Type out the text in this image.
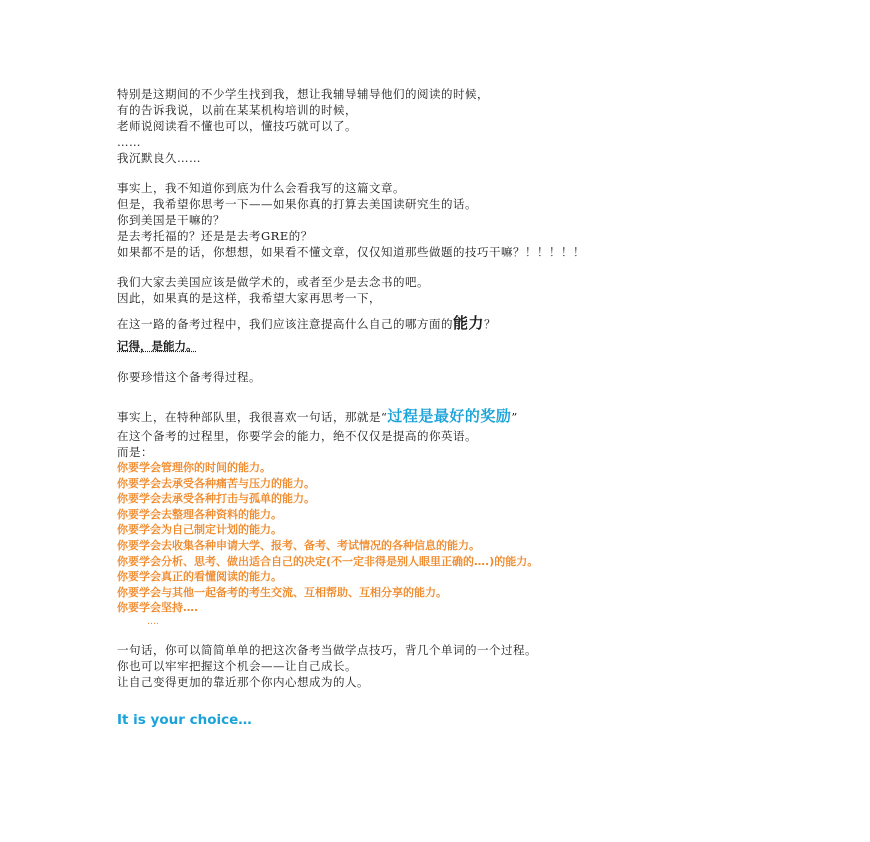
特别是这期间的不少学生找到我，想让我辅导辅导他们的阅读的时候，
有的告诉我说，以前在某某机构培训的时候，
老师说阅读看不懂也可以，懂技巧就可以了。
……
我沉默良久……
事实上，我不知道你到底为什么会看我写的这篇文章。
但是，我希望你思考一下——如果你真的打算去美国读研究生的话。
你到美国是干嘛的？
是去考托福的？还是是去考GRE的？
如果都不是的话，你想想，如果看不懂文章，仅仅知道那些做题的技巧干嘛？！！！！！
我们大家去美国应该是做学术的，或者至少是去念书的吧。
因此，如果真的是这样，我希望大家再思考一下，
在这一路的备考过程中，我们应该注意提高什么自己的哪方面的能力？
记得，是能力。
你要珍惜这个备考得过程。
事实上，在特种部队里，我很喜欢一句话，那就是“过程是最好的奖励”
在这个备考的过程里，你要学会的能力，绝不仅仅是提高的你英语。
而是：
你要学会管理你的时间的能力。
你要学会去承受各种痛苦与压力的能力。
你要学会去承受各种打击与孤单的能力。
你要学会去整理各种资料的能力。
你要学会为自己制定计划的能力。
你要学会去收集各种申请大学、报考、备考、考试情况的各种信息的能力。
你要学会分析、思考、做出适合自己的决定(不一定非得是别人眼里正确的….)的能力。
你要学会真正的看懂阅读的能力。
你要学会与其他一起备考的考生交流、互相帮助、互相分享的能力。
你要学会坚持….
….
一句话，你可以简简单单的把这次备考当做学点技巧，背几个单词的一个过程。
你也可以牢牢把握这个机会——让自己成长。
让自己变得更加的靠近那个你内心想成为的人。
It is your choice…
